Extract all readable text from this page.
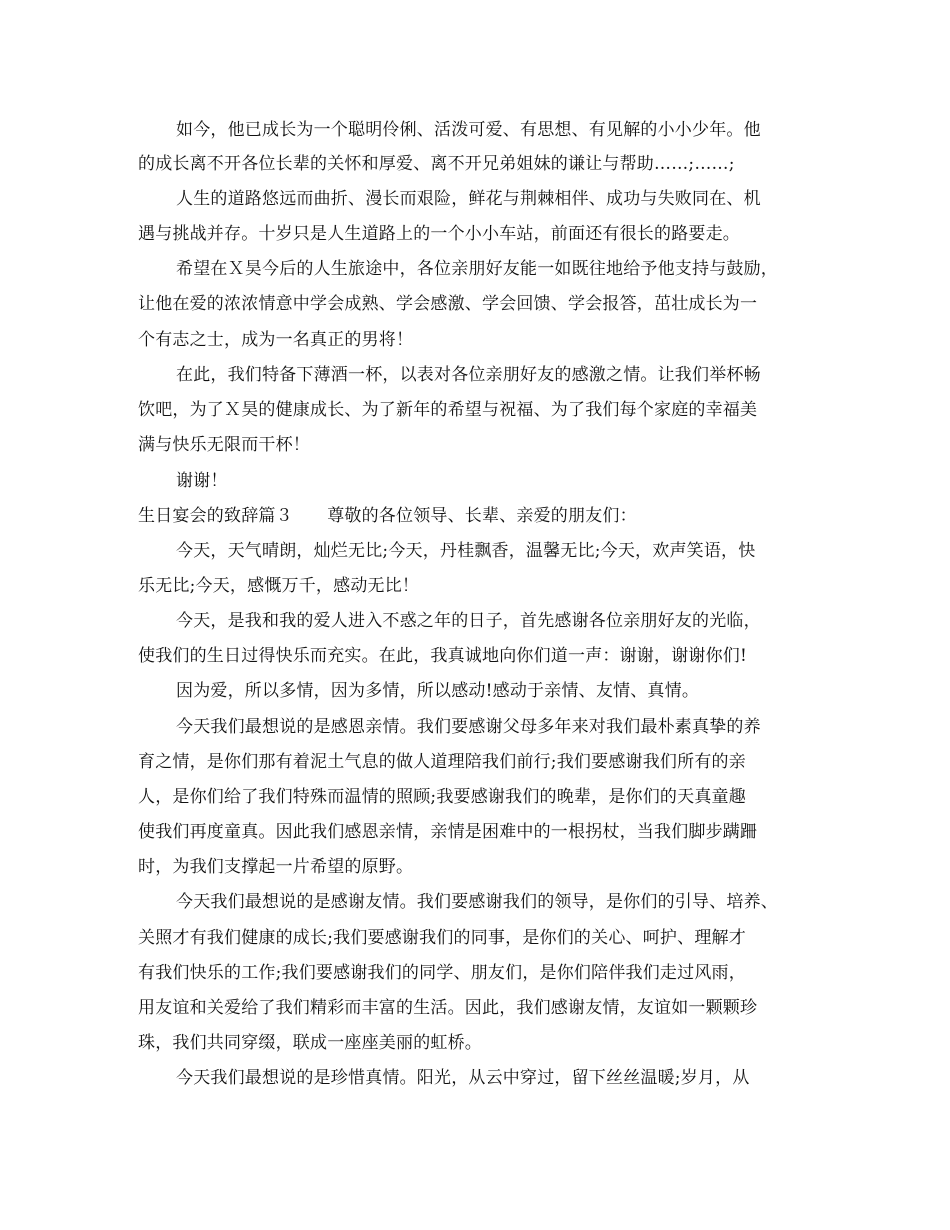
如今，他已成长为一个聪明伶俐、活泼可爱、有思想、有见解的小小少年。他
的成长离不开各位长辈的关怀和厚爱、离不开兄弟姐妹的谦让与帮助……;……;
人生的道路悠远而曲折、漫长而艰险，鲜花与荆棘相伴、成功与失败同在、机
遇与挑战并存。十岁只是人生道路上的一个小小车站，前面还有很长的路要走。
希望在Ｘ昊今后的人生旅途中，各位亲朋好友能一如既往地给予他支持与鼓励，
让他在爱的浓浓情意中学会成熟、学会感激、学会回馈、学会报答，茁壮成长为一
个有志之士，成为一名真正的男将！
在此，我们特备下薄酒一杯，以表对各位亲朋好友的感激之情。让我们举杯畅
饮吧，为了Ｘ昊的健康成长、为了新年的希望与祝福、为了我们每个家庭的幸福美
满与快乐无限而干杯！
谢谢！
生日宴会的致辞篇３　　尊敬的各位领导、长辈、亲爱的朋友们：
今天，天气晴朗，灿烂无比;今天，丹桂飘香，温馨无比;今天，欢声笑语，快
乐无比;今天，感慨万千，感动无比！
今天，是我和我的爱人进入不惑之年的日子，首先感谢各位亲朋好友的光临，
使我们的生日过得快乐而充实。在此，我真诚地向你们道一声：谢谢，谢谢你们!
因为爱，所以多情，因为多情，所以感动!感动于亲情、友情、真情。
今天我们最想说的是感恩亲情。我们要感谢父母多年来对我们最朴素真挚的养
育之情，是你们那有着泥土气息的做人道理陪我们前行;我们要感谢我们所有的亲
人，是你们给了我们特殊而温情的照顾;我要感谢我们的晚辈，是你们的天真童趣
使我们再度童真。因此我们感恩亲情，亲情是困难中的一根拐杖，当我们脚步蹒跚
时，为我们支撑起一片希望的原野。
今天我们最想说的是感谢友情。我们要感谢我们的领导，是你们的引导、培养、
关照才有我们健康的成长;我们要感谢我们的同事，是你们的关心、呵护、理解才
有我们快乐的工作;我们要感谢我们的同学、朋友们，是你们陪伴我们走过风雨，
用友谊和关爱给了我们精彩而丰富的生活。因此，我们感谢友情，友谊如一颗颗珍
珠，我们共同穿缀，联成一座座美丽的虹桥。
今天我们最想说的是珍惜真情。阳光，从云中穿过，留下丝丝温暖;岁月，从
